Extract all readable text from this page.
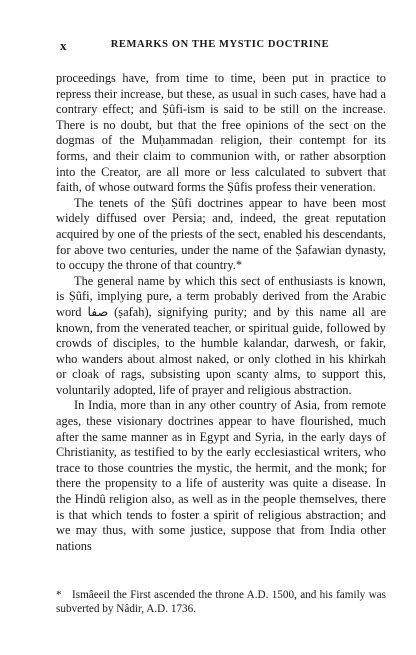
x	REMARKS ON THE MYSTIC DOCTRINE

proceedings have, from time to time, been put in practice to repress their increase, but these, as usual in such cases, have had a contrary effect; and Ṣûfi-ism is said to be still on the increase. There is no doubt, but that the free opinions of the sect on the dogmas of the Muḥammadan religion, their contempt for its forms, and their claim to communion with, or rather absorption into the Creator, are all more or less calculated to subvert that faith, of whose outward forms the Ṣûfis profess their veneration.

The tenets of the Ṣûfi doctrines appear to have been most widely diffused over Persia; and, indeed, the great reputation acquired by one of the priests of the sect, enabled his descendants, for above two centuries, under the name of the Ṣafawian dynasty, to occupy the throne of that country.*

The general name by which this sect of enthusiasts is known, is Ṣûfi, implying pure, a term probably derived from the Arabic word صفا (ṣafah), signifying purity; and by this name all are known, from the venerated teacher, or spiritual guide, followed by crowds of disciples, to the humble kalandar, darwesh, or fakir, who wanders about almost naked, or only clothed in his khirkah or cloak of rags, subsisting upon scanty alms, to support this, voluntarily adopted, life of prayer and religious abstraction.

In India, more than in any other country of Asia, from remote ages, these visionary doctrines appear to have flourished, much after the same manner as in Egypt and Syria, in the early days of Christianity, as testified to by the early ecclesiastical writers, who trace to those countries the mystic, the hermit, and the monk; for there the propensity to a life of austerity was quite a disease. In the Hindû religion also, as well as in the people themselves, there is that which tends to foster a spirit of religious abstraction; and we may thus, with some justice, suppose that from India other nations

* Ismâeeil the First ascended the throne A.D. 1500, and his family was subverted by Nâdir, A.D. 1736.
